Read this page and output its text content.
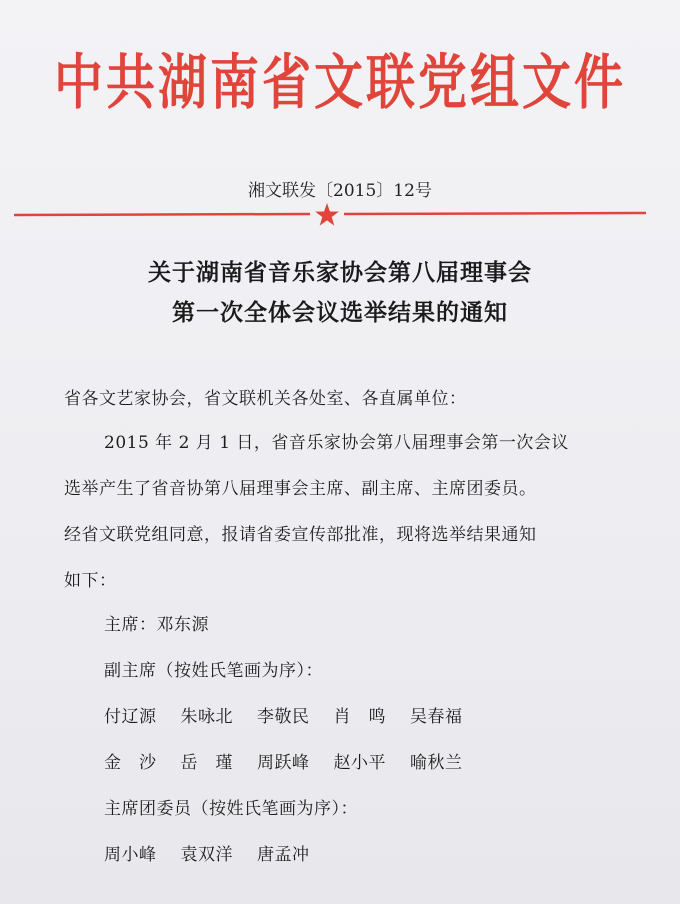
中共湖南省文联党组文件
湘文联发〔2015〕12号
关于湖南省音乐家协会第八届理事会
第一次全体会议选举结果的通知
省各文艺家协会，省文联机关各处室、各直属单位：
2015 年 2 月 1 日，省音乐家协会第八届理事会第一次会议
选举产生了省音协第八届理事会主席、副主席、主席团委员。
经省文联党组同意，报请省委宣传部批准，现将选举结果通知
如下：
主席：邓东源
副主席（按姓氏笔画为序）：
付辽源 朱咏北 李敬民 肖　鸣 吴春福
金　沙 岳　瑾 周跃峰 赵小平 喻秋兰
主席团委员（按姓氏笔画为序）：
周小峰 袁双洋 唐孟冲
